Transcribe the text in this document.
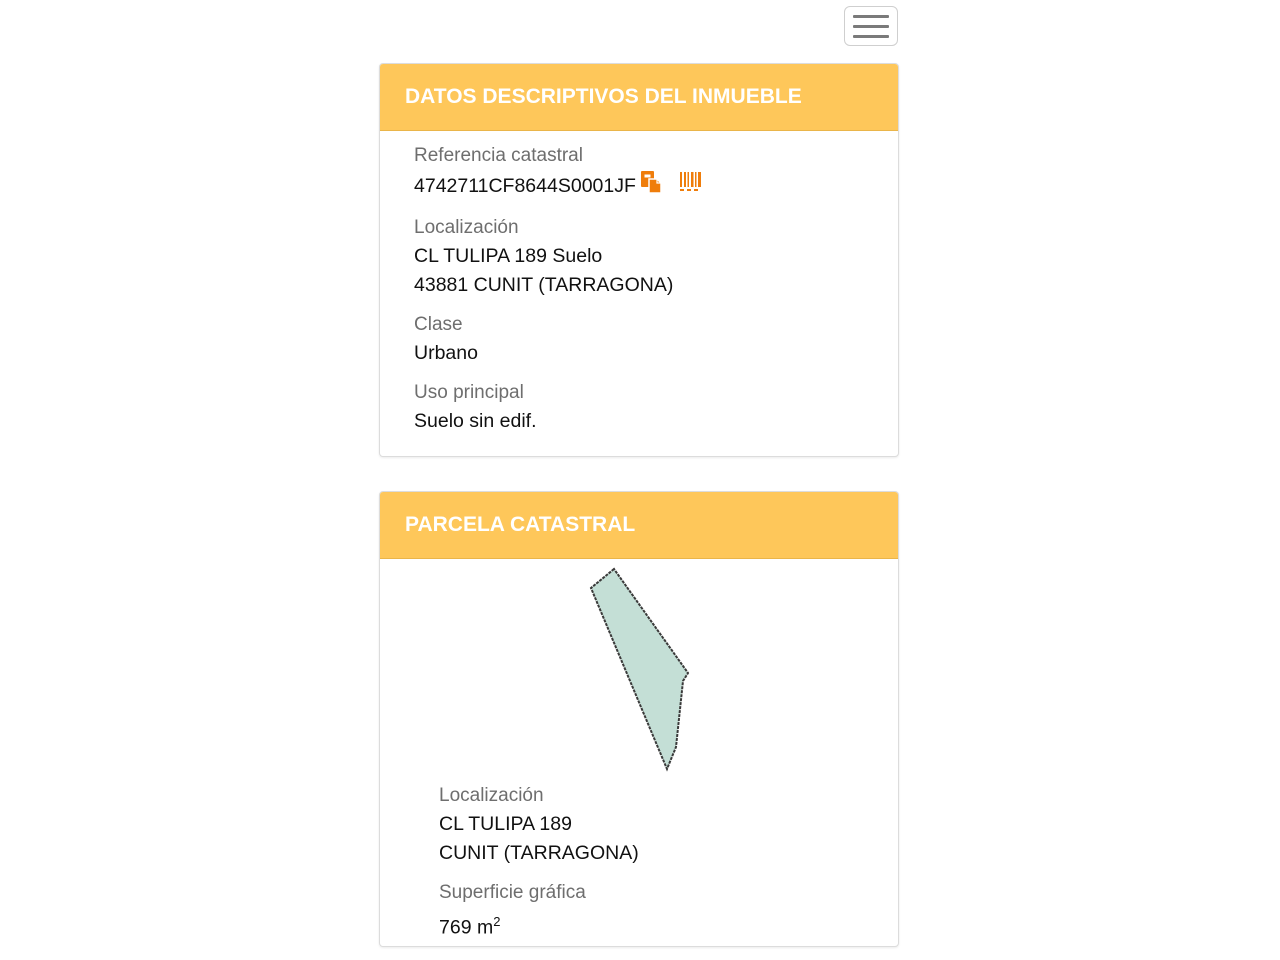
DATOS DESCRIPTIVOS DEL INMUEBLE
Referencia catastral
4742711CF8644S0001JF
Localización
CL TULIPA 189 Suelo
43881 CUNIT (TARRAGONA)
Clase
Urbano
Uso principal
Suelo sin edif.
PARCELA CATASTRAL
Localización
CL TULIPA 189
CUNIT (TARRAGONA)
Superficie gráfica
769 $m^2$
